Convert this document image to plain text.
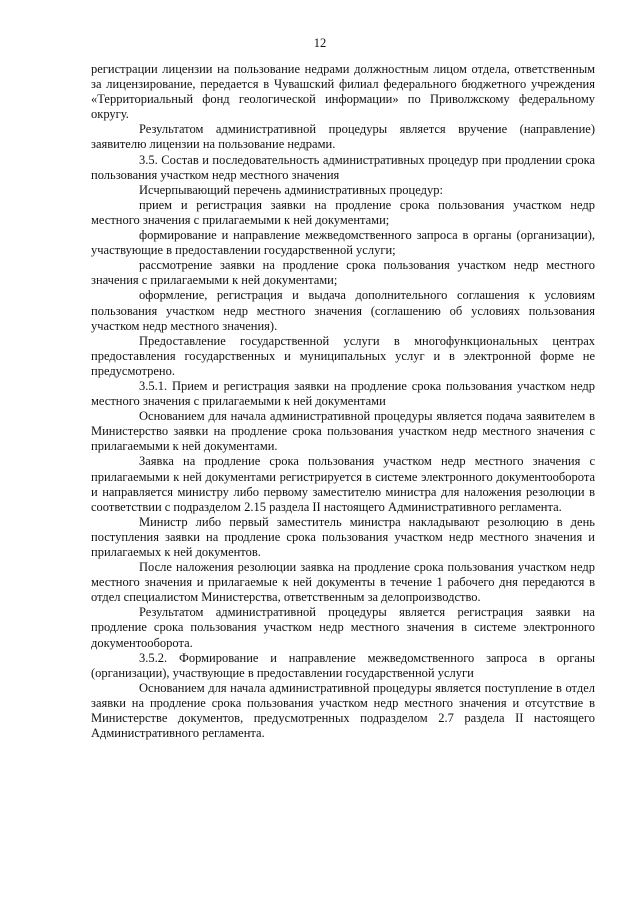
12

регистрации лицензии на пользование недрами должностным лицом отдела, ответственным за лицензирование, передается в Чувашский филиал федерального бюджетного учреждения «Территориальный фонд геологической информации» по Приволжскому федеральному округу.

Результатом административной процедуры является вручение (направление) заявителю лицензии на пользование недрами.

3.5. Состав и последовательность административных процедур при продлении срока пользования участком недр местного значения

Исчерпывающий перечень административных процедур:

прием и регистрация заявки на продление срока пользования участком недр местного значения с прилагаемыми к ней документами;

формирование и направление межведомственного запроса в органы (организации), участвующие в предоставлении государственной услуги;

рассмотрение заявки на продление срока пользования участком недр местного значения с прилагаемыми к ней документами;

оформление, регистрация и выдача дополнительного соглашения к условиям пользования участком недр местного значения (соглашению об условиях пользования участком недр местного значения).

Предоставление государственной услуги в многофункциональных центрах предоставления государственных и муниципальных услуг и в электронной форме не предусмотрено.

3.5.1. Прием и регистрация заявки на продление срока пользования участком недр местного значения с прилагаемыми к ней документами

Основанием для начала административной процедуры является подача заявителем в Министерство заявки на продление срока пользования участком недр местного значения с прилагаемыми к ней документами.

Заявка на продление срока пользования участком недр местного значения с прилагаемыми к ней документами регистрируется в системе электронного документооборота и направляется министру либо первому заместителю министра для наложения резолюции в соответствии с подразделом 2.15 раздела II настоящего Административного регламента.

Министр либо первый заместитель министра накладывают резолюцию в день поступления заявки на продление срока пользования участком недр местного значения и прилагаемых к ней документов.

После наложения резолюции заявка на продление срока пользования участком недр местного значения и прилагаемые к ней документы в течение 1 рабочего дня передаются в отдел специалистом Министерства, ответственным за делопроизводство.

Результатом административной процедуры является регистрация заявки на продление срока пользования участком недр местного значения в системе электронного документооборота.

3.5.2. Формирование и направление межведомственного запроса в органы (организации), участвующие в предоставлении государственной услуги

Основанием для начала административной процедуры является поступление в отдел заявки на продление срока пользования участком недр местного значения и отсутствие в Министерстве документов, предусмотренных подразделом 2.7 раздела II настоящего Административного регламента.
